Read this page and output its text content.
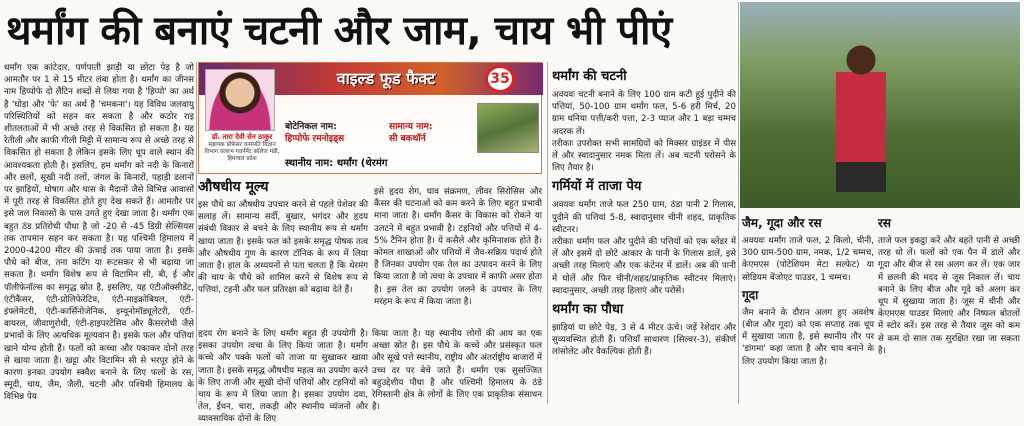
थर्मांग की बनाएं चटनी और जाम, चाय भी पीएं
थर्मांग एक कांटेदार, पर्णपाती झाड़ी या छोटा पेड़ है जो आमतौर पर 1 से 15 मीटर लंबा होता है। थर्मांग का जीनस नाम हिप्पोफे दो लैटिन शब्दों से लिया गया है 'हिप्पो' का अर्थ है 'घोड़ा और 'फे' का अर्थ है 'चमकना'। यह विविध जलवायु परिस्थितियों को सहन कर सकता है और कठोर राइ शीतलताओं में भी अच्छे तरह से विकसित हो सकता है। यह रेतीली और काफी गीली मिट्टी में सामान्य रूप से अच्छे तरह से विकसित हो सकता है लेकिन इसके लिए धूप वाले स्थान की आवश्यकता होती है। इसलिए, हम थर्मांग को नदी के किनारों और छलों, सूखी नदी तलों, जंगल के किनारों, पहाड़ी ढलानों पर झाड़ियों, घोषाग और घास के मैदानों जैसे विभिन्न आवासों में पूरी तरह से विकसित होते हुए देख सकते हैं। आमतौर पर इसे जल निकासों के पास उगते हुए देखा जाता है। थर्मांग एक बहुत ठंड प्रतिरोधी पौधा है जो -20 से -45 डिग्री सेल्सियस तक तापमान सहन कर सकता है। यह पश्चिमी हिमालय में 2000-4200 मीटर की ऊंचाई तक पाया जाता है। इसके पौधे को बीज, तना कटिंग या रूटसकर से भी बढ़ाया जा सकता है। थर्मांग विशेष रूप से विटामिन सी, बी, ई और पॉलीफेनॉल्स का समृद्ध स्रोत है, इसलिए, यह एंटीऑक्सीडेंट, एंटीकैंसर, एंटी-प्रोलिफेरेटिव, एंटी-माइक्रोबियल, एंटी-इंफ्लेमेटरी, एंटी-कार्सिनोजेनिक, इम्यूनोमॉड्यूलेटरी, एंटी-वायरल, जीवाणुरोधी, एंटी-हाइपरटेंसिव और कैंसररोधी जैसे प्रभावों के लिए अत्यधिक मूल्यवान है। इसके फल और पत्तियां खाने योग्य होती हैं। फलों को कच्चा और पकाकर दोनों तरह से खाया जाता है। खट्टा और विटामिन सी से भरपूर होने के कारण इनका उपयोग स्क्वैश बनाने के लिए फलों के रस, स्मूदी, चाय, जैम, जैली, चटनी और पश्चिमी हिमालय के विभिन्न पेय
वाइल्ड फूड फैक्ट	35
डॉ. तारा देवी सेन ठाकुर
सहायक प्रोफेसर वनस्पति विज्ञान विभाग वल्लभ गवर्नमेंट कॉलेज मंडी, हिमाचल प्रदेश
बोटेनिकल नाम:
हिप्पोफे रमनोइड्स
सामान्य नाम:
सी बकथॉर्न
स्थानीय नाम: थर्मांग (थेरमंग
औषधीय मूल्य
इस पौधे का औषधीय उपचार करने से पहले पेशेवर की सलाह लें। सामान्य सर्दी, बुखार, भगंदर और हृदय संबंधी विकार से बचने के लिए स्थानीय रूप से थर्मांग खाया जाता है। इसके फल को इसके समृद्ध पोषक तत्व और औषधीय गुण के कारण टॉनिक के रूप में लिया जाता है। हाल के अध्ययनों से पता चलता है कि थेरमंग की चाय के पौधे को शामिल करने से विशेष रूप से पत्तियां, टहनी और फल प्रतिरक्षा को बढ़ावा देते हैं।
इसे हृदय रोग, घाव संक्रमण, लीवर सिरोसिस और कैंसर की घटनाओं को कम करने के लिए बहुत प्रभावी माना जाता है। थर्मांग कैंसर के विकास को रोकने या उलटने में बहुत प्रभावी है। टहनियों और पत्तियों में 4-5% टैनिन होता है। ये कसैले और कृमिनाशक होते हैं। कोमल शाखाओं और पत्तियों में जैव-सक्रिय पदार्थ होते हैं जिनका उपयोग एक तेल का उत्पादन करने के लिए किया जाता है जो त्वचा के उपचार में काफी असर होता है। इस तेल का उपयोग जलने के उपचार के लिए मरहम के रूप में किया जाता है।
हृदय रोग बनाने के लिए थर्मांग बहुत ही उपयोगी है। इसका उपयोग त्वचा के लिए किया जाता है। थर्मांग कच्चे और पक्के फलों को ताजा या सुखाकर खाया जाता है। इसके समृद्ध औषधीय महत्व का उपयोग करने के लिए ताजी और सूखी दोनों पत्तियों और टहनियों को चाय के रूप में लिया जाता है। इसका उपयोग दवा, तेल, ईंधन, चारा, लकड़ी और स्थानीय व्यंजनों और व्यावसायिक दोनों के लिए
किया जाता है। यह स्थानीय लोगों की आय का एक अच्छा स्रोत है। इस पौधे के कच्चे और प्रसंस्कृत फल और सूखे पत्ते स्थानीय, राष्ट्रीय और अंतर्राष्ट्रीय बाजारों में उच्च दर पर बेचे जाते हैं। थर्मांग एक सुसज्जित बहुउद्देशीय पौधा है और पश्चिमी हिमालय के ठंडे रेगिस्तानी क्षेत्र के लोगों के लिए एक प्राकृतिक संसाधन है।
थर्मांग की चटनी
अवयवः चटनी बनाने के लिए 100 ग्राम कटी हुई पुदीने की पत्तियां, 50-100 ग्राम थर्मांग फल, 5-6 हरी मिर्च, 20 ग्राम धनिया पत्ती/करी पत्ता, 2-3 प्याज और 1 बड़ा चम्मच अदरक लें।
तरीकाः उपरोक्त सभी सामग्रियों को मिक्सर ग्राइंडर में पीस लें और स्वादानुसार नमक मिला लें। अब चटनी परोसने के लिए तैयार है।
गर्मियों में ताजा पेय
अवयवः थर्मांग ताजे फल 250 ग्राम, ठंडा पानी 2 गिलास, पुदीने की पत्तियां 5-8, स्वादानुसार चीनी शहद, प्राकृतिक स्वीटनर।
तरीकाः थर्मांग फल और पुदीने की पत्तियों को एक ब्लेंडर में लें और इसमें दो छोटे आकार के पानी के गिलास डालें, इसे अच्छी तरह मिलाएं और एक कंटेनर में डालें। अब की पानी में घोलें और फिर चीनी/शहद/प्राकृतिक स्वीटनर मिलाएं। स्वादानुसार, अच्छी तरह हिलाएं और परोसें।
थर्मांग का पौधा
झाड़ियां या छोटे पेड़, 3 से 4 मीटर ऊंचे। जड़ें रेशेदार और सुव्यवस्थित होती हैं। पत्तियाँ साधारण (सिल्वर-3), संकीर्ण लांसोलेट और वैकल्पिक होती हैं।
जैम, गूदा और रस
अवयवः थर्मांग ताजे फल, 2 किलो, चीनी, 300 ग्राम-500 ग्राम, नमक, 1/2 चम्मच, केएमएस (पोटेशियम मेटा सल्फेट) या सोडियम बेंजोएट पाउडर, 1 चम्मच।
गूदा
जैम बनाने के दौरान अलग हुए अवशेष (बीज और गूदा) को एक सप्ताह तक धूप में सुखाया जाता है, इसे स्थानीय तौर पर 'डांगमा' कहा जाता है और चाय बनाने के लिए उपयोग किया जाता है।
रस
ताजे फल इकट्ठा करें और बहते पानी से अच्छी तरह धो लें। फलों को एक पैन में डालें और गूदा और बीज से रस अलग कर लें। एक जार में छलनी की मदद से जूस निकाल लें। चाय बनाने के लिए बीज और गूदे को अलग कर धूप में सुखाया जाता है। जूस में चीनी और केएमएस पाउडर मिलाएं और निष्फल बोतलों में स्टोर करें। इस तरह से तैयार जूस को कम से कम दो साल तक सुरक्षित रखा जा सकता है।
